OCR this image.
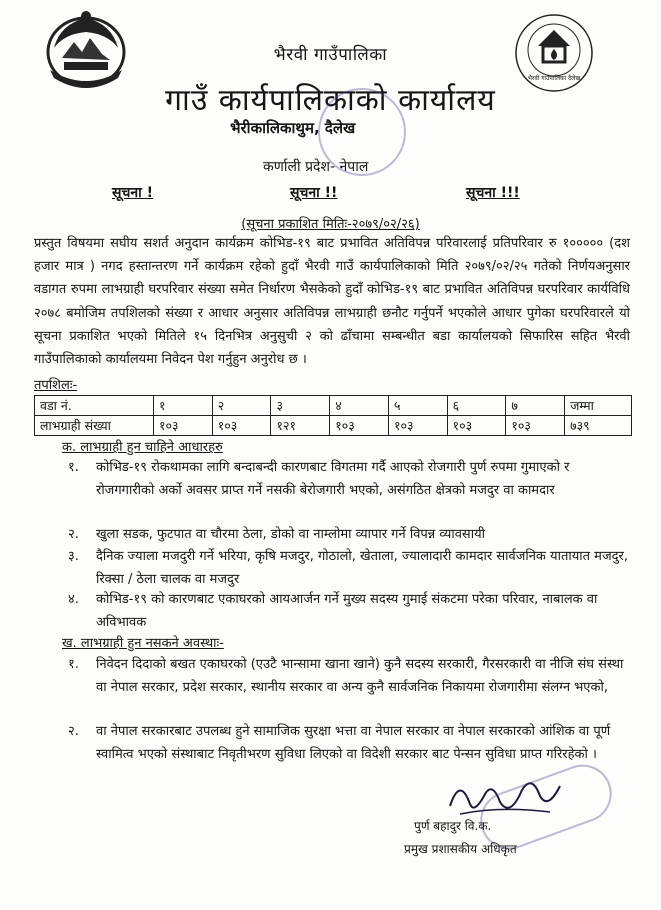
भैरवी गाउँपालिका दैलेख
भैरवी गाउँपालिका
गाउँ कार्यपालिकाको कार्यालय
भैरीकालिकाथुम, दैलेख
कर्णाली प्रदेश- नेपाल
सूचना !	सूचना !!	सूचना !!!
(सूचना प्रकाशित मितिः-२०७९/०२/२६)
प्रस्तुत विषयमा सघीय सशर्त अनुदान कार्यक्रम कोभिड-१९ बाट प्रभावित अतिविपन्न परिवारलाई प्रतिपरिवार रु १००००० (दश हजार मात्र ) नगद हस्तान्तरण गर्ने कार्यक्रम रहेको हुदाँ भैरवी गाउँ कार्यपालिकाको मिति २०७९/०२/२५ गतेको निर्णयअनुसार वडागत रुपमा लाभग्राही घरपरिवार संख्या समेत निर्धारण भैसकेको हुदाँ कोभिड-१९ बाट प्रभावित अतिविपन्न घरपरिवार कार्यविधि २०७८ बमोजिम तपशिलको संख्या र आधार अनुसार अतिविपन्न लाभग्राही छनौट गर्नुपर्ने भएकोले आधार पुगेका घरपरिवारले यो सूचना प्रकाशित भएको मितिले १५ दिनभित्र अनुसुची २ को ढाँचामा सम्बन्धीत बडा कार्यालयको सिफारिस सहित भैरवी गाउँपालिकाको कार्यालयमा निवेदन पेश गर्नुहुन अनुरोध छ ।
तपशिलः-
वडा नं.	१	२	३	४	५	६	७	जम्मा
लाभग्राही संख्या	१०३	१०३	१२१	१०३	१०३	१०३	१०३	७३९
क. लाभग्राही हुन चाहिने आधारहरु
१. कोभिड-१९ रोकथामका लागि बन्दाबन्दी कारणबाट विगतमा गर्दै आएको रोजगारी पुर्ण रुपमा गुमाएको र रोजगगारीको अर्को अवसर प्राप्त गर्ने नसकी बेरोजगारी भएको, असंगठित क्षेत्रको मजदुर वा कामदार
२. खुला सडक, फुटपात वा चौरमा ठेला, डोको वा नाम्लोमा व्यापार गर्ने विपन्न व्यावसायी
३. दैनिक ज्याला मजदुरी गर्ने भरिया, कृषि मजदुर, गोठालो, खेताला, ज्यालादारी कामदार सार्वजनिक यातायात मजदुर, रिक्सा / ठेला चालक वा मजदुर
४. कोभिड-१९ को कारणबाट एकाघरको आयआर्जन गर्ने मुख्य सदस्य गुमाई संकटमा परेका परिवार, नाबालक वा अविभावक
ख. लाभग्राही हुन नसकने अवस्थाः-
१. निवेदन दिदाको बखत एकाघरको (एउटै भान्सामा खाना खाने) कुनै सदस्य सरकारी, गैरसरकारी वा नीजि संघ संस्था वा नेपाल सरकार, प्रदेश सरकार, स्थानीय सरकार वा अन्य कुनै सार्वजनिक निकायमा रोजगारीमा संलग्न भएको,
२. वा नेपाल सरकारबाट उपलब्ध हुने सामाजिक सुरक्षा भत्ता वा नेपाल सरकार वा नेपाल सरकारको आंशिक वा पूर्ण स्वामित्व भएको संस्थाबाट निवृतीभरण सुविधा लिएको वा विदेशी सरकार बाट पेन्सन सुविधा प्राप्त गरिरहेको ।
पुर्ण बहादुर वि.क.
प्रमुख प्रशासकीय अधिकृत
